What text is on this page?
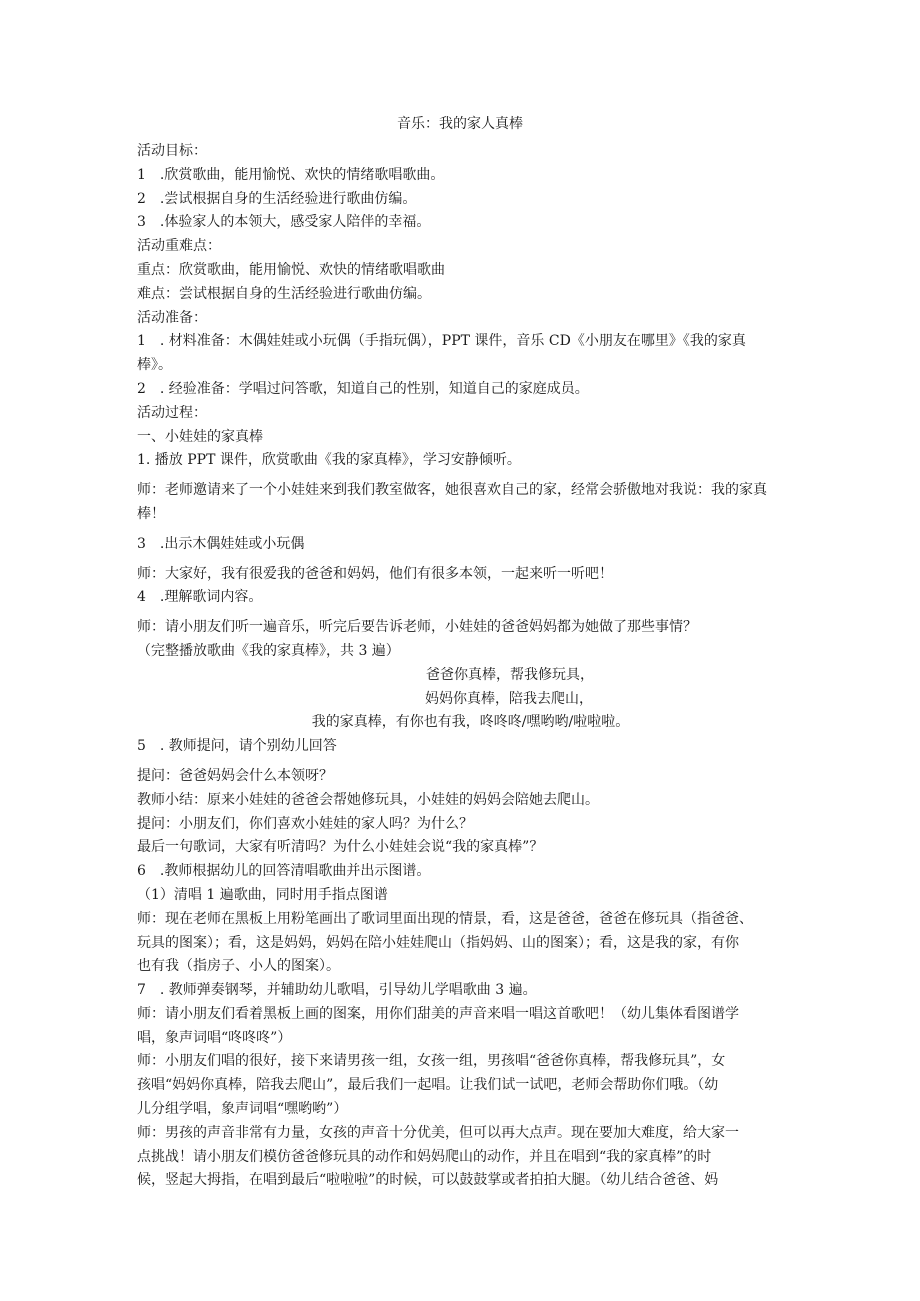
音乐：我的家人真棒
活动目标：
1　.欣赏歌曲，能用愉悦、欢快的情绪歌唱歌曲。
2　.尝试根据自身的生活经验进行歌曲仿编。
3　.体验家人的本领大，感受家人陪伴的幸福。
活动重难点：
重点：欣赏歌曲，能用愉悦、欢快的情绪歌唱歌曲
难点：尝试根据自身的生活经验进行歌曲仿编。
活动准备：
1　. 材料准备：木偶娃娃或小玩偶（手指玩偶），PPT 课件，音乐 CD《小朋友在哪里》《我的家真
棒》。
2　. 经验准备：学唱过问答歌，知道自己的性别，知道自己的家庭成员。
活动过程：
一、小娃娃的家真棒
1. 播放 PPT 课件，欣赏歌曲《我的家真棒》，学习安静倾听。
师：老师邀请来了一个小娃娃来到我们教室做客，她很喜欢自己的家，经常会骄傲地对我说：我的家真
棒！
3　.出示木偶娃娃或小玩偶
师：大家好，我有很爱我的爸爸和妈妈，他们有很多本领，一起来听一听吧！
4　.理解歌词内容。
师：请小朋友们听一遍音乐，听完后要告诉老师，小娃娃的爸爸妈妈都为她做了那些事情？
（完整播放歌曲《我的家真棒》，共 3 遍）
爸爸你真棒，帮我修玩具，
妈妈你真棒，陪我去爬山，
我的家真棒，有你也有我，咚咚咚/嘿哟哟/啦啦啦。
5　. 教师提问，请个别幼儿回答
提问：爸爸妈妈会什么本领呀？
教师小结：原来小娃娃的爸爸会帮她修玩具，小娃娃的妈妈会陪她去爬山。
提问：小朋友们，你们喜欢小娃娃的家人吗？为什么？
最后一句歌词，大家有听清吗？为什么小娃娃会说“我的家真棒”？
6　.教师根据幼儿的回答清唱歌曲并出示图谱。
（1）清唱 1 遍歌曲，同时用手指点图谱
师：现在老师在黑板上用粉笔画出了歌词里面出现的情景，看，这是爸爸，爸爸在修玩具（指爸爸、
玩具的图案）；看，这是妈妈，妈妈在陪小娃娃爬山（指妈妈、山的图案）；看，这是我的家，有你
也有我（指房子、小人的图案）。
7　. 教师弹奏钢琴，并辅助幼儿歌唱，引导幼儿学唱歌曲 3 遍。
师：请小朋友们看着黑板上画的图案，用你们甜美的声音来唱一唱这首歌吧！（幼儿集体看图谱学
唱，象声词唱“咚咚咚”）
师：小朋友们唱的很好，接下来请男孩一组，女孩一组，男孩唱“爸爸你真棒，帮我修玩具”，女
孩唱“妈妈你真棒，陪我去爬山”，最后我们一起唱。让我们试一试吧，老师会帮助你们哦。（幼
儿分组学唱，象声词唱“嘿哟哟”）
师：男孩的声音非常有力量，女孩的声音十分优美，但可以再大点声。现在要加大难度，给大家一
点挑战！请小朋友们模仿爸爸修玩具的动作和妈妈爬山的动作，并且在唱到“我的家真棒”的时
候，竖起大拇指，在唱到最后“啦啦啦”的时候，可以鼓鼓掌或者拍拍大腿。（幼儿结合爸爸、妈
